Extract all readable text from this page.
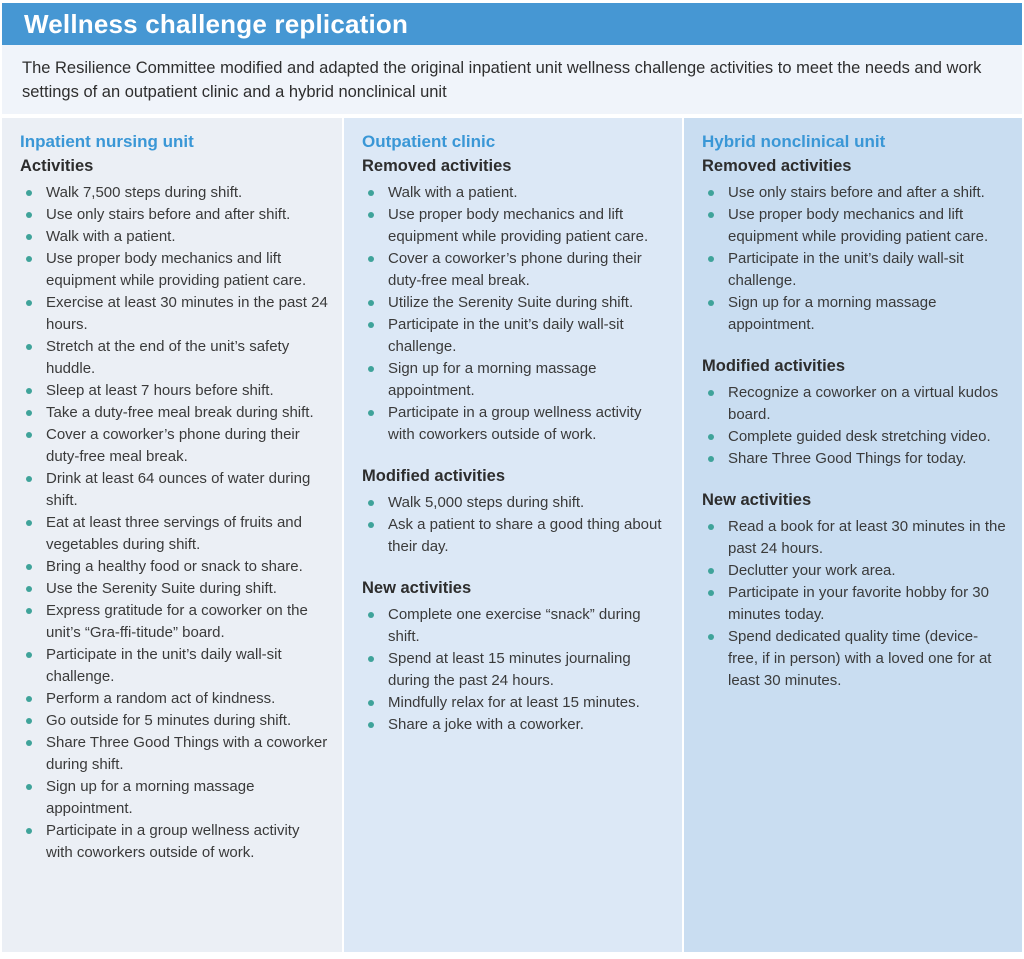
Wellness challenge replication

The Resilience Committee modified and adapted the original inpatient unit wellness challenge activities to meet the needs and work settings of an outpatient clinic and a hybrid nonclinical unit

Inpatient nursing unit
Activities
Walk 7,500 steps during shift.
Use only stairs before and after shift.
Walk with a patient.
Use proper body mechanics and lift equipment while providing patient care.
Exercise at least 30 minutes in the past 24 hours.
Stretch at the end of the unit’s safety huddle.
Sleep at least 7 hours before shift.
Take a duty-free meal break during shift.
Cover a coworker’s phone during their duty-free meal break.
Drink at least 64 ounces of water during shift.
Eat at least three servings of fruits and vegetables during shift.
Bring a healthy food or snack to share.
Use the Serenity Suite during shift.
Express gratitude for a coworker on the unit’s “Gra-ffi-titude” board.
Participate in the unit’s daily wall-sit challenge.
Perform a random act of kindness.
Go outside for 5 minutes during shift.
Share Three Good Things with a coworker during shift.
Sign up for a morning massage appointment.
Participate in a group wellness activity with coworkers outside of work.
Outpatient clinic
Removed activities
Walk with a patient.
Use proper body mechanics and lift equipment while providing patient care.
Cover a coworker’s phone during their duty-free meal break.
Utilize the Serenity Suite during shift.
Participate in the unit’s daily wall-sit challenge.
Sign up for a morning massage appointment.
Participate in a group wellness activity with coworkers outside of work.
Modified activities
Walk 5,000 steps during shift.
Ask a patient to share a good thing about their day.
New activities
Complete one exercise “snack” during shift.
Spend at least 15 minutes journaling during the past 24 hours.
Mindfully relax for at least 15 minutes.
Share a joke with a coworker.
Hybrid nonclinical unit
Removed activities
Use only stairs before and after a shift.
Use proper body mechanics and lift equipment while providing patient care.
Participate in the unit’s daily wall-sit challenge.
Sign up for a morning massage appointment.
Modified activities
Recognize a coworker on a virtual kudos board.
Complete guided desk stretching video.
Share Three Good Things for today.
New activities
Read a book for at least 30 minutes in the past 24 hours.
Declutter your work area.
Participate in your favorite hobby for 30 minutes today.
Spend dedicated quality time (device-free, if in person) with a loved one for at least 30 minutes.
